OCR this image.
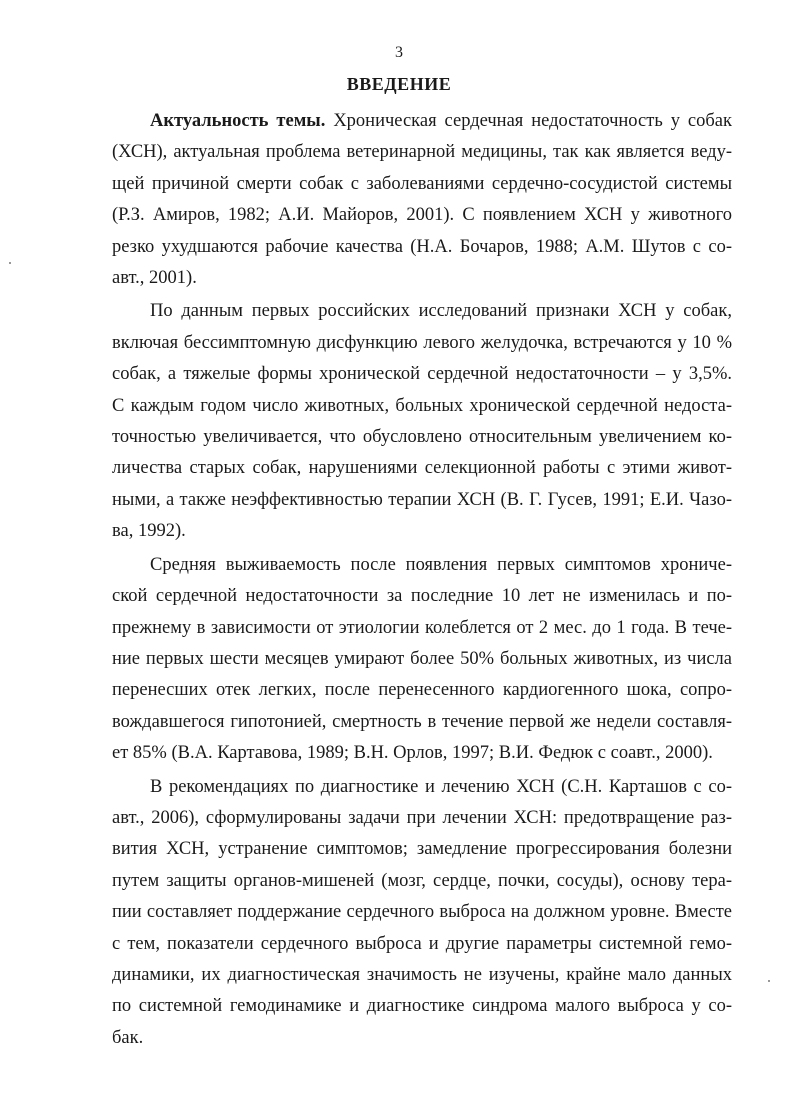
3
ВВЕДЕНИЕ
Актуальность темы. Хроническая сердечная недостаточность у собак
(ХСН), актуальная проблема ветеринарной медицины, так как является веду-
щей причиной смерти собак с заболеваниями сердечно-сосудистой системы
(Р.З. Амиров, 1982; А.И. Майоров, 2001). С появлением ХСН у животного
резко ухудшаются рабочие качества (Н.А. Бочаров, 1988; А.М. Шутов с со-
авт., 2001).
По данным первых российских исследований признаки ХСН у собак,
включая бессимптомную дисфункцию левого желудочка, встречаются у 10 %
собак, а тяжелые формы хронической сердечной недостаточности – у 3,5%.
С каждым годом число животных, больных хронической сердечной недоста-
точностью увеличивается, что обусловлено относительным увеличением ко-
личества старых собак, нарушениями селекционной работы с этими живот-
ными, а также неэффективностью терапии ХСН (В. Г. Гусев, 1991; Е.И. Чазо-
ва, 1992).
Средняя выживаемость после появления первых симптомов хрониче-
ской сердечной недостаточности за последние 10 лет не изменилась и по-
прежнему в зависимости от этиологии колеблется от 2 мес. до 1 года. В тече-
ние первых шести месяцев умирают более 50% больных животных, из числа
перенесших отек легких, после перенесенного кардиогенного шока, сопро-
вождавшегося гипотонией, смертность в течение первой же недели составля-
ет 85% (В.А. Картавова, 1989; В.Н. Орлов, 1997; В.И. Федюк с соавт., 2000).
В рекомендациях по диагностике и лечению ХСН (С.Н. Карташов с со-
авт., 2006), сформулированы задачи при лечении ХСН: предотвращение раз-
вития ХСН, устранение симптомов; замедление прогрессирования болезни
путем защиты органов-мишеней (мозг, сердце, почки, сосуды), основу тера-
пии составляет поддержание сердечного выброса на должном уровне. Вместе
с тем, показатели сердечного выброса и другие параметры системной гемо-
динамики, их диагностическая значимость не изучены, крайне мало данных
по системной гемодинамике и диагностике синдрома малого выброса у со-
бак.
